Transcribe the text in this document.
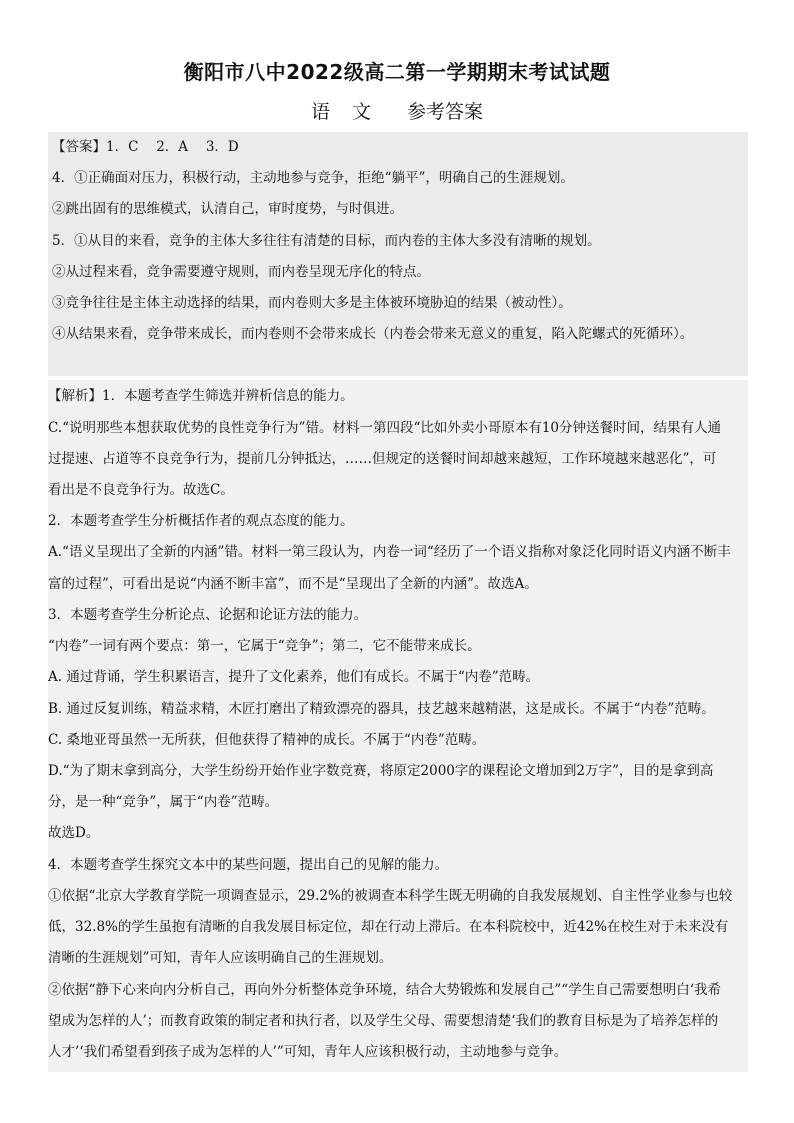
衡阳市八中2022级高二第一学期期末考试试题
语文 参考答案
【答案】1．C　 2．A　 3．D
4．①正确面对压力，积极行动，主动地参与竞争，拒绝“躺平”，明确自己的生涯规划。
②跳出固有的思维模式，认清自己，审时度势，与时俱进。
5．①从目的来看，竞争的主体大多往往有清楚的目标，而内卷的主体大多没有清晰的规划。
②从过程来看，竞争需要遵守规则，而内卷呈现无序化的特点。
③竞争往往是主体主动选择的结果，而内卷则大多是主体被环境胁迫的结果（被动性）。
④从结果来看，竞争带来成长，而内卷则不会带来成长（内卷会带来无意义的重复，陷入陀螺式的死循环）。
【解析】1．本题考查学生筛选并辨析信息的能力。
C.“说明那些本想获取优势的良性竞争行为”错。材料一第四段“比如外卖小哥原本有10分钟送餐时间，结果有人通
过提速、占道等不良竞争行为，提前几分钟抵达，……但规定的送餐时间却越来越短，工作环境越来越恶化”，可
看出是不良竞争行为。故选C。
2．本题考查学生分析概括作者的观点态度的能力。
A.“语义呈现出了全新的内涵”错。材料一第三段认为，内卷一词“经历了一个语义指称对象泛化同时语义内涵不断丰
富的过程”，可看出是说“内涵不断丰富”，而不是“呈现出了全新的内涵”。故选A。
3．本题考查学生分析论点、论据和论证方法的能力。
“内卷”一词有两个要点：第一，它属于“竞争”；第二，它不能带来成长。
A. 通过背诵，学生积累语言，提升了文化素养，他们有成长。不属于“内卷”范畴。
B. 通过反复训练，精益求精，木匠打磨出了精致漂亮的器具，技艺越来越精湛，这是成长。不属于“内卷”范畴。
C. 桑地亚哥虽然一无所获，但他获得了精神的成长。不属于“内卷”范畴。
D.“为了期末拿到高分，大学生纷纷开始作业字数竞赛，将原定2000字的课程论文增加到2万字”，目的是拿到高
分，是一种“竞争”，属于“内卷”范畴。
故选D。
4．本题考查学生探究文本中的某些问题，提出自己的见解的能力。
①依据“北京大学教育学院一项调查显示，29.2%的被调查本科学生既无明确的自我发展规划、自主性学业参与也较
低，32.8%的学生虽抱有清晰的自我发展目标定位，却在行动上滞后。在本科院校中，近42%在校生对于未来没有
清晰的生涯规划”可知，青年人应该明确自己的生涯规划。
②依据“静下心来向内分析自己，再向外分析整体竞争环境，结合大势锻炼和发展自己”“学生自己需要想明白‘我希
望成为怎样的人’；而教育政策的制定者和执行者，以及学生父母、需要想清楚‘我们的教育目标是为了培养怎样的
人才’‘我们希望看到孩子成为怎样的人’”可知，青年人应该积极行动，主动地参与竞争。
